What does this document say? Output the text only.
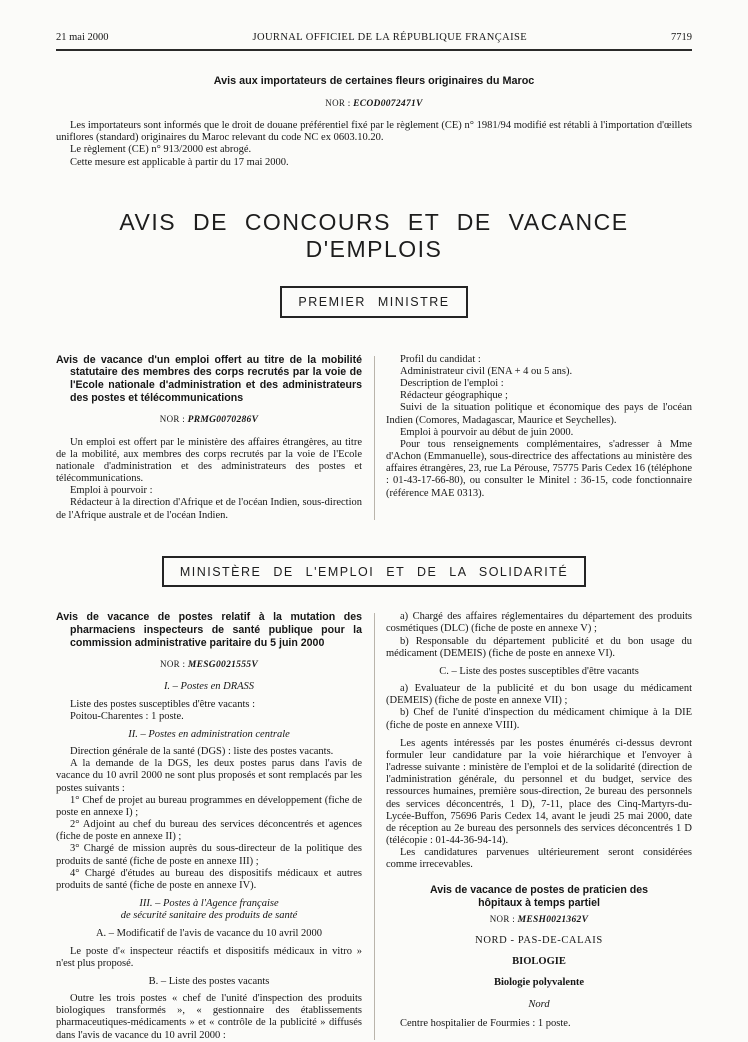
21 mai 2000	JOURNAL OFFICIEL DE LA RÉPUBLIQUE FRANÇAISE	7719

Avis aux importateurs de certaines fleurs originaires du Maroc

NOR : ECOD0072471V

Les importateurs sont informés que le droit de douane préférentiel fixé par le règlement (CE) n° 1981/94 modifié est rétabli à l'importation d'œillets uniflores (standard) originaires du Maroc relevant du code NC ex 0603.10.20.

Le règlement (CE) n° 913/2000 est abrogé.

Cette mesure est applicable à partir du 17 mai 2000.

AVIS DE CONCOURS ET DE VACANCE D'EMPLOIS
PREMIER MINISTRE

Avis de vacance d'un emploi offert au titre de la mobilité statutaire des membres des corps recrutés par la voie de l'Ecole nationale d'administration et des administrateurs des postes et télécommunications

NOR : PRMG0070286V

Un emploi est offert par le ministère des affaires étrangères, au titre de la mobilité, aux membres des corps recrutés par la voie de l'Ecole nationale d'administration et des administrateurs des postes et télécommunications.

Emploi à pourvoir :

Rédacteur à la direction d'Afrique et de l'océan Indien, sous-direction de l'Afrique australe et de l'océan Indien.

Profil du candidat :

Administrateur civil (ENA + 4 ou 5 ans).

Description de l'emploi :

Rédacteur géographique ;

Suivi de la situation politique et économique des pays de l'océan Indien (Comores, Madagascar, Maurice et Seychelles).

Emploi à pourvoir au début de juin 2000.

Pour tous renseignements complémentaires, s'adresser à Mme d'Achon (Emmanuelle), sous-directrice des affectations au ministère des affaires étrangères, 23, rue La Pérouse, 75775 Paris Cedex 16 (téléphone : 01-43-17-66-80), ou consulter le Minitel : 36-15, code fonctionnaire (référence MAE 0313).

MINISTÈRE DE L'EMPLOI ET DE LA SOLIDARITÉ

Avis de vacance de postes relatif à la mutation des pharmaciens inspecteurs de santé publique pour la commission administrative paritaire du 5 juin 2000

NOR : MESG0021555V

I. – Postes en DRASS

Liste des postes susceptibles d'être vacants :

Poitou-Charentes : 1 poste.

II. – Postes en administration centrale

Direction générale de la santé (DGS) : liste des postes vacants.

A la demande de la DGS, les deux postes parus dans l'avis de vacance du 10 avril 2000 ne sont plus proposés et sont remplacés par les postes suivants :

1° Chef de projet au bureau programmes en développement (fiche de poste en annexe I) ;

2° Adjoint au chef du bureau des services déconcentrés et agences (fiche de poste en annexe II) ;

3° Chargé de mission auprès du sous-directeur de la politique des produits de santé (fiche de poste en annexe III) ;

4° Chargé d'études au bureau des dispositifs médicaux et autres produits de santé (fiche de poste en annexe IV).

III. – Postes à l'Agence française

de sécurité sanitaire des produits de santé

A. – Modificatif de l'avis de vacance du 10 avril 2000

Le poste d'« inspecteur réactifs et dispositifs médicaux in vitro » n'est plus proposé.

B. – Liste des postes vacants

Outre les trois postes « chef de l'unité d'inspection des produits biologiques transformés », « gestionnaire des établissements pharmaceutiques-médicaments » et « contrôle de la publicité » diffusés dans l'avis de vacance du 10 avril 2000 :

a) Chargé des affaires réglementaires du département des produits cosmétiques (DLC) (fiche de poste en annexe V) ;

b) Responsable du département publicité et du bon usage du médicament (DEMEIS) (fiche de poste en annexe VI).

C. – Liste des postes susceptibles d'être vacants

a) Evaluateur de la publicité et du bon usage du médicament (DEMEIS) (fiche de poste en annexe VII) ;

b) Chef de l'unité d'inspection du médicament chimique à la DIE (fiche de poste en annexe VIII).

Les agents intéressés par les postes énumérés ci-dessus devront formuler leur candidature par la voie hiérarchique et l'envoyer à l'adresse suivante : ministère de l'emploi et de la solidarité (direction de l'administration générale, du personnel et du budget, service des ressources humaines, première sous-direction, 2e bureau des personnels des services déconcentrés, 1 D), 7-11, place des Cinq-Martyrs-du-Lycée-Buffon, 75696 Paris Cedex 14, avant le jeudi 25 mai 2000, date de réception au 2e bureau des personnels des services déconcentrés 1 D (télécopie : 01-44-36-94-14).

Les candidatures parvenues ultérieurement seront considérées comme irrecevables.

Avis de vacance de postes de praticien des hôpitaux à temps partiel

NOR : MESH0021362V

NORD - PAS-DE-CALAIS

BIOLOGIE

Biologie polyvalente

Nord

Centre hospitalier de Fourmies : 1 poste.
